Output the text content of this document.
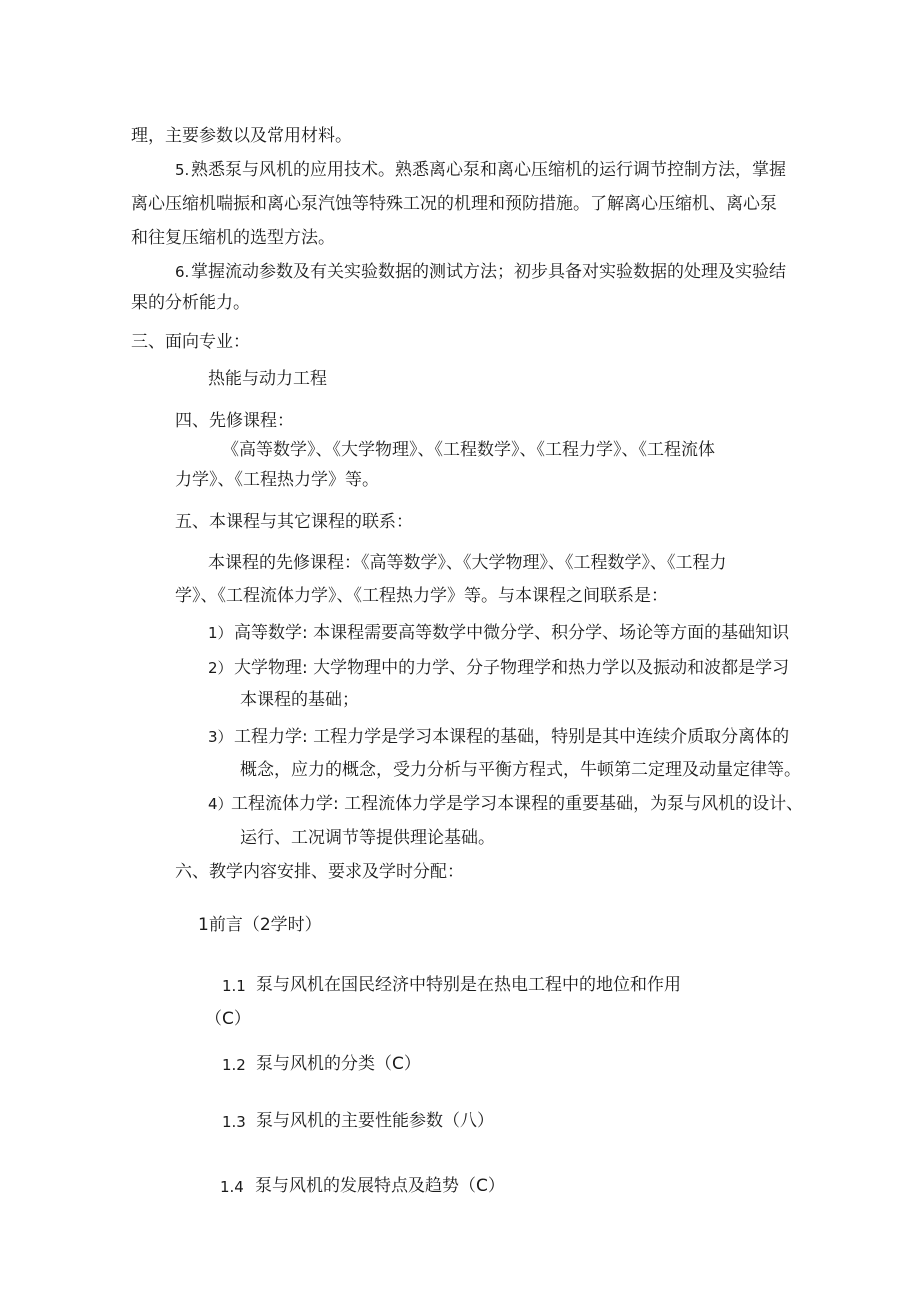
理，主要参数以及常用材料。
5. 熟悉泵与风机的应用技术。熟悉离心泵和离心压缩机的运行调节控制方法，掌握
离心压缩机喘振和离心泵汽蚀等特殊工况的机理和预防措施。了解离心压缩机、离心泵
和往复压缩机的选型方法。
6. 掌握流动参数及有关实验数据的测试方法；初步具备对实验数据的处理及实验结
果的分析能力。
三、面向专业：
热能与动力工程
四、先修课程：
《高等数学》、《大学物理》、《工程数学》、《工程力学》、《工程流体
力学》、《工程热力学》等。
五、本课程与其它课程的联系：
本课程的先修课程：《高等数学》、《大学物理》、《工程数学》、《工程力
学》、《工程流体力学》、《工程热力学》等。与本课程之间联系是：
1） 高等数学: 本课程需要高等数学中微分学、积分学、场论等方面的基础知识
2） 大学物理: 大学物理中的力学、分子物理学和热力学以及振动和波都是学习
本课程的基础；
3） 工程力学: 工程力学是学习本课程的基础，特别是其中连续介质取分离体的
概念，应力的概念，受力分析与平衡方程式，牛顿第二定理及动量定律等。
4）
工程流体力学: 工程流体力学是学习本课程的重要基础，为泵与风机的设计、
运行、工况调节等提供理论基础。
六、教学内容安排、要求及学时分配：
1前言（2学时）
1.1 泵与风机在国民经济中特别是在热电工程中的地位和作用
（C）
1.2 泵与风机的分类（C）
1.3 泵与风机的主要性能参数（八）
1.4 泵与风机的发展特点及趋势（C）
